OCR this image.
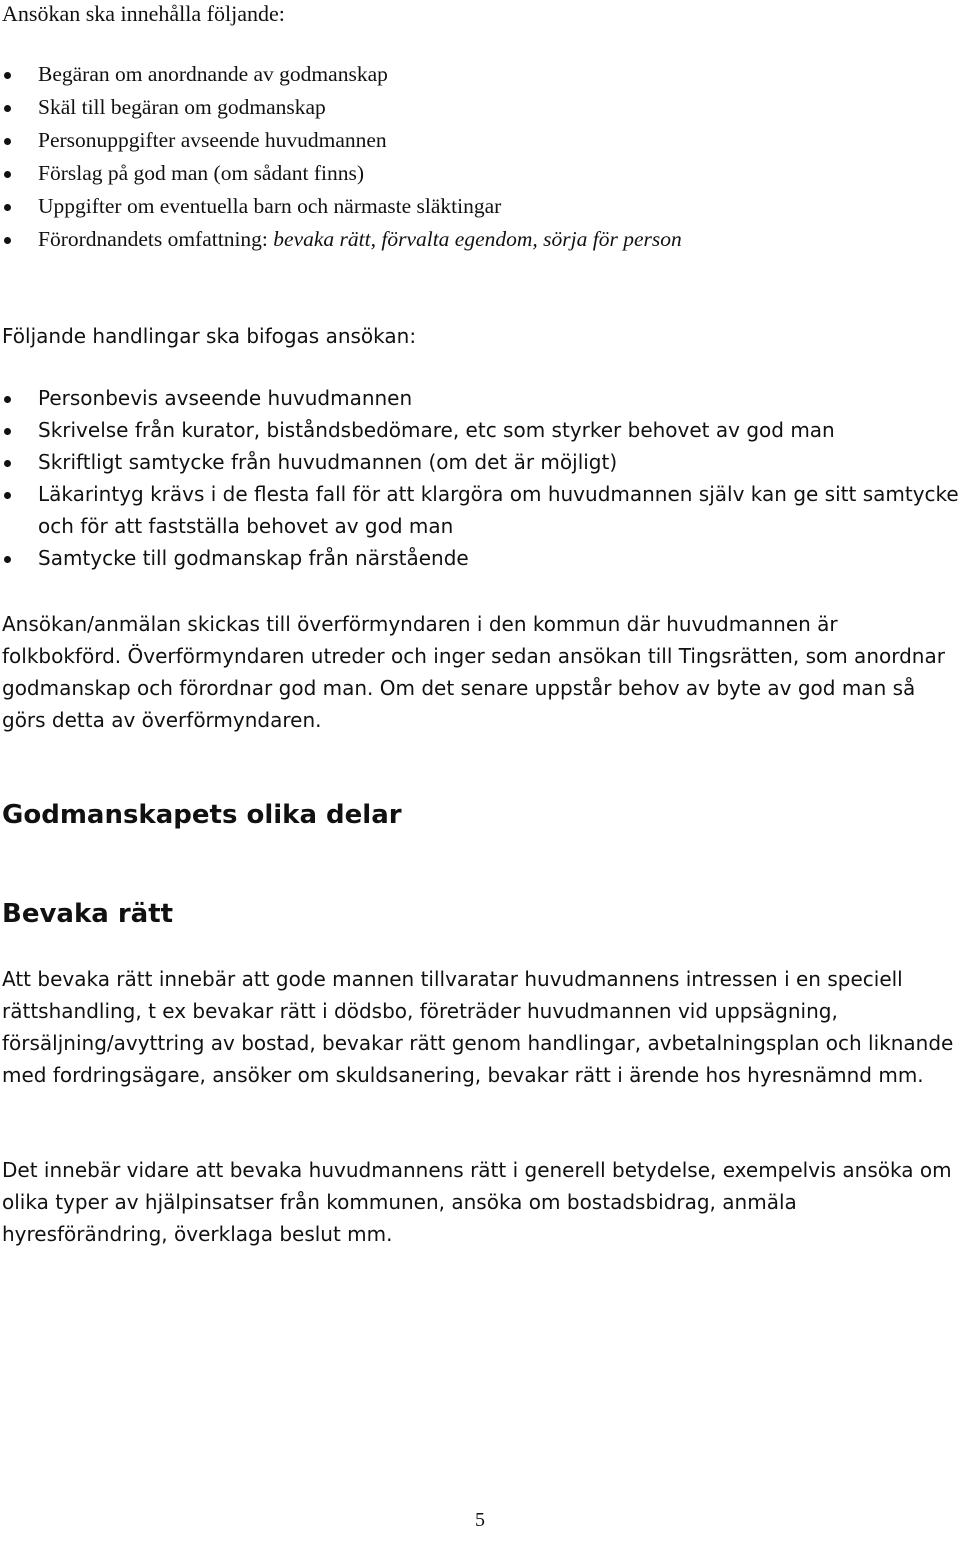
Ansökan ska innehålla följande:
Begäran om anordnande av godmanskap
Skäl till begäran om godmanskap
Personuppgifter avseende huvudmannen
Förslag på god man (om sådant finns)
Uppgifter om eventuella barn och närmaste släktingar
Förordnandets omfattning: bevaka rätt, förvalta egendom, sörja för person
Följande handlingar ska bifogas ansökan:
Personbevis avseende huvudmannen
Skrivelse från kurator, biståndsbedömare, etc som styrker behovet av god man
Skriftligt samtycke från huvudmannen (om det är möjligt)
Läkarintyg krävs i de flesta fall för att klargöra om huvudmannen själv kan ge sitt samtycke och för att fastställa behovet av god man
Samtycke till godmanskap från närstående

Ansökan/anmälan skickas till överförmyndaren i den kommun där huvudmannen är folkbokförd. Överförmyndaren utreder och inger sedan ansökan till Tingsrätten, som anordnar godmanskap och förordnar god man. Om det senare uppstår behov av byte av god man så görs detta av överförmyndaren.

Godmanskapets olika delar
Bevaka rätt

Att bevaka rätt innebär att gode mannen tillvaratar huvudmannens intressen i en speciell rättshandling, t ex bevakar rätt i dödsbo, företräder huvudmannen vid uppsägning, försäljning/avyttring av bostad, bevakar rätt genom handlingar, avbetalningsplan och liknande med fordringsägare, ansöker om skuldsanering, bevakar rätt i ärende hos hyresnämnd mm.

Det innebär vidare att bevaka huvudmannens rätt i generell betydelse, exempelvis ansöka om olika typer av hjälpinsatser från kommunen, ansöka om bostadsbidrag, anmäla hyresförändring, överklaga beslut mm.

5
